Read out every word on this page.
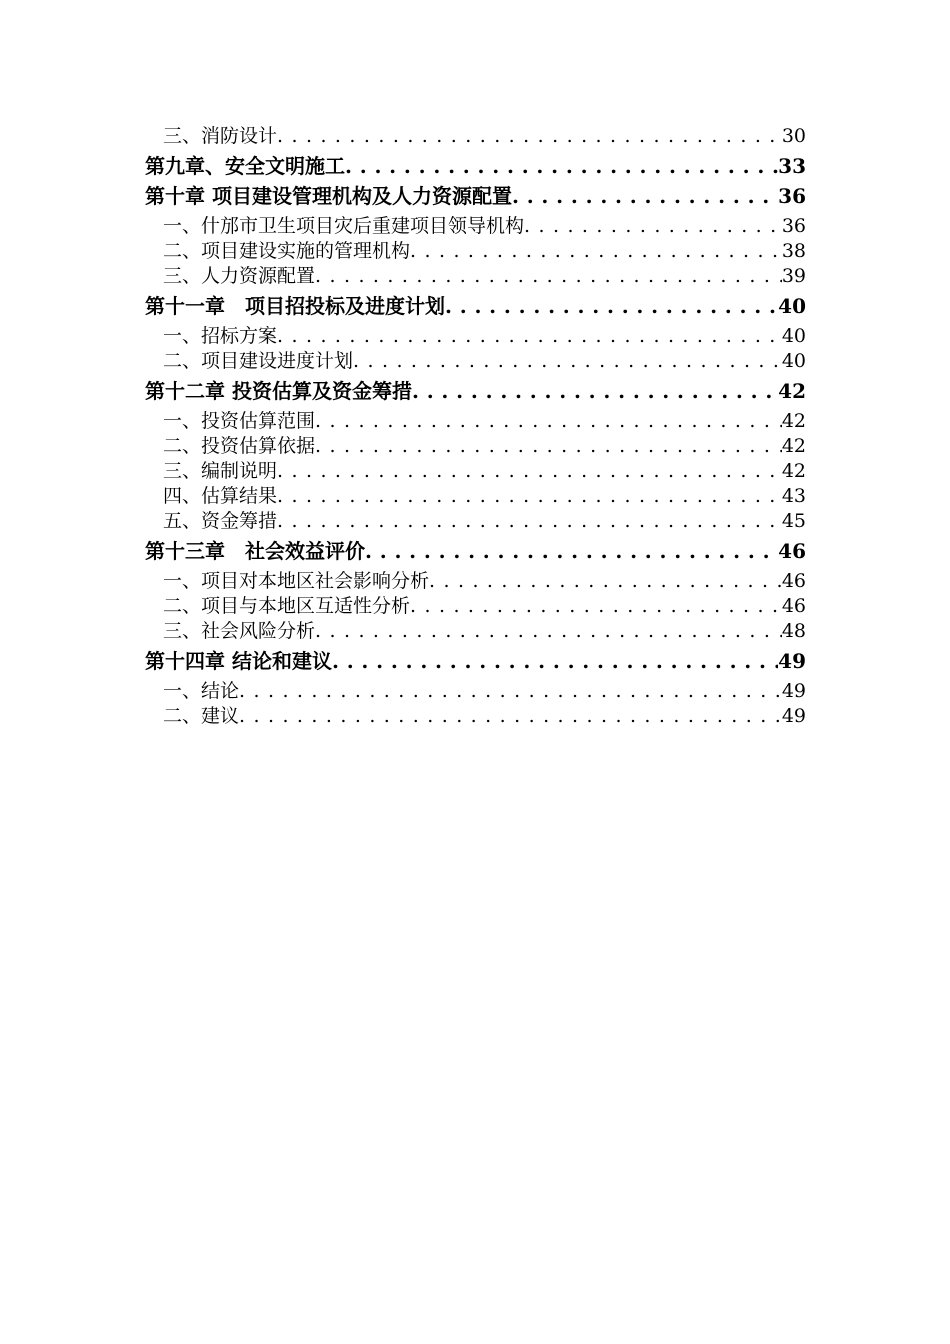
三、消防设计 . . .	30
第九章、安全文明施工 . . .	33
第十章 项目建设管理机构及人力资源配置 . . .	36
一、什邡市卫生项目灾后重建项目领导机构 . . .	36
二、项目建设实施的管理机构 . . .	38
三、人力资源配置 . . .	39
第十一章　项目招投标及进度计划 . . .	40
一、招标方案 . . .	40
二、项目建设进度计划 . . .	40
第十二章 投资估算及资金筹措 . . .	42
一、投资估算范围 . . .	42
二、投资估算依据 . . .	42
三、编制说明 . . .	42
四、估算结果 . . .	43
五、资金筹措 . . .	45
第十三章　社会效益评价 . . .	46
一、项目对本地区社会影响分析 . . .	46
二、项目与本地区互适性分析 . . .	46
三、社会风险分析 . . .	48
第十四章 结论和建议 . . .	49
一、结论 . . .	49
二、建议 . . .	49
